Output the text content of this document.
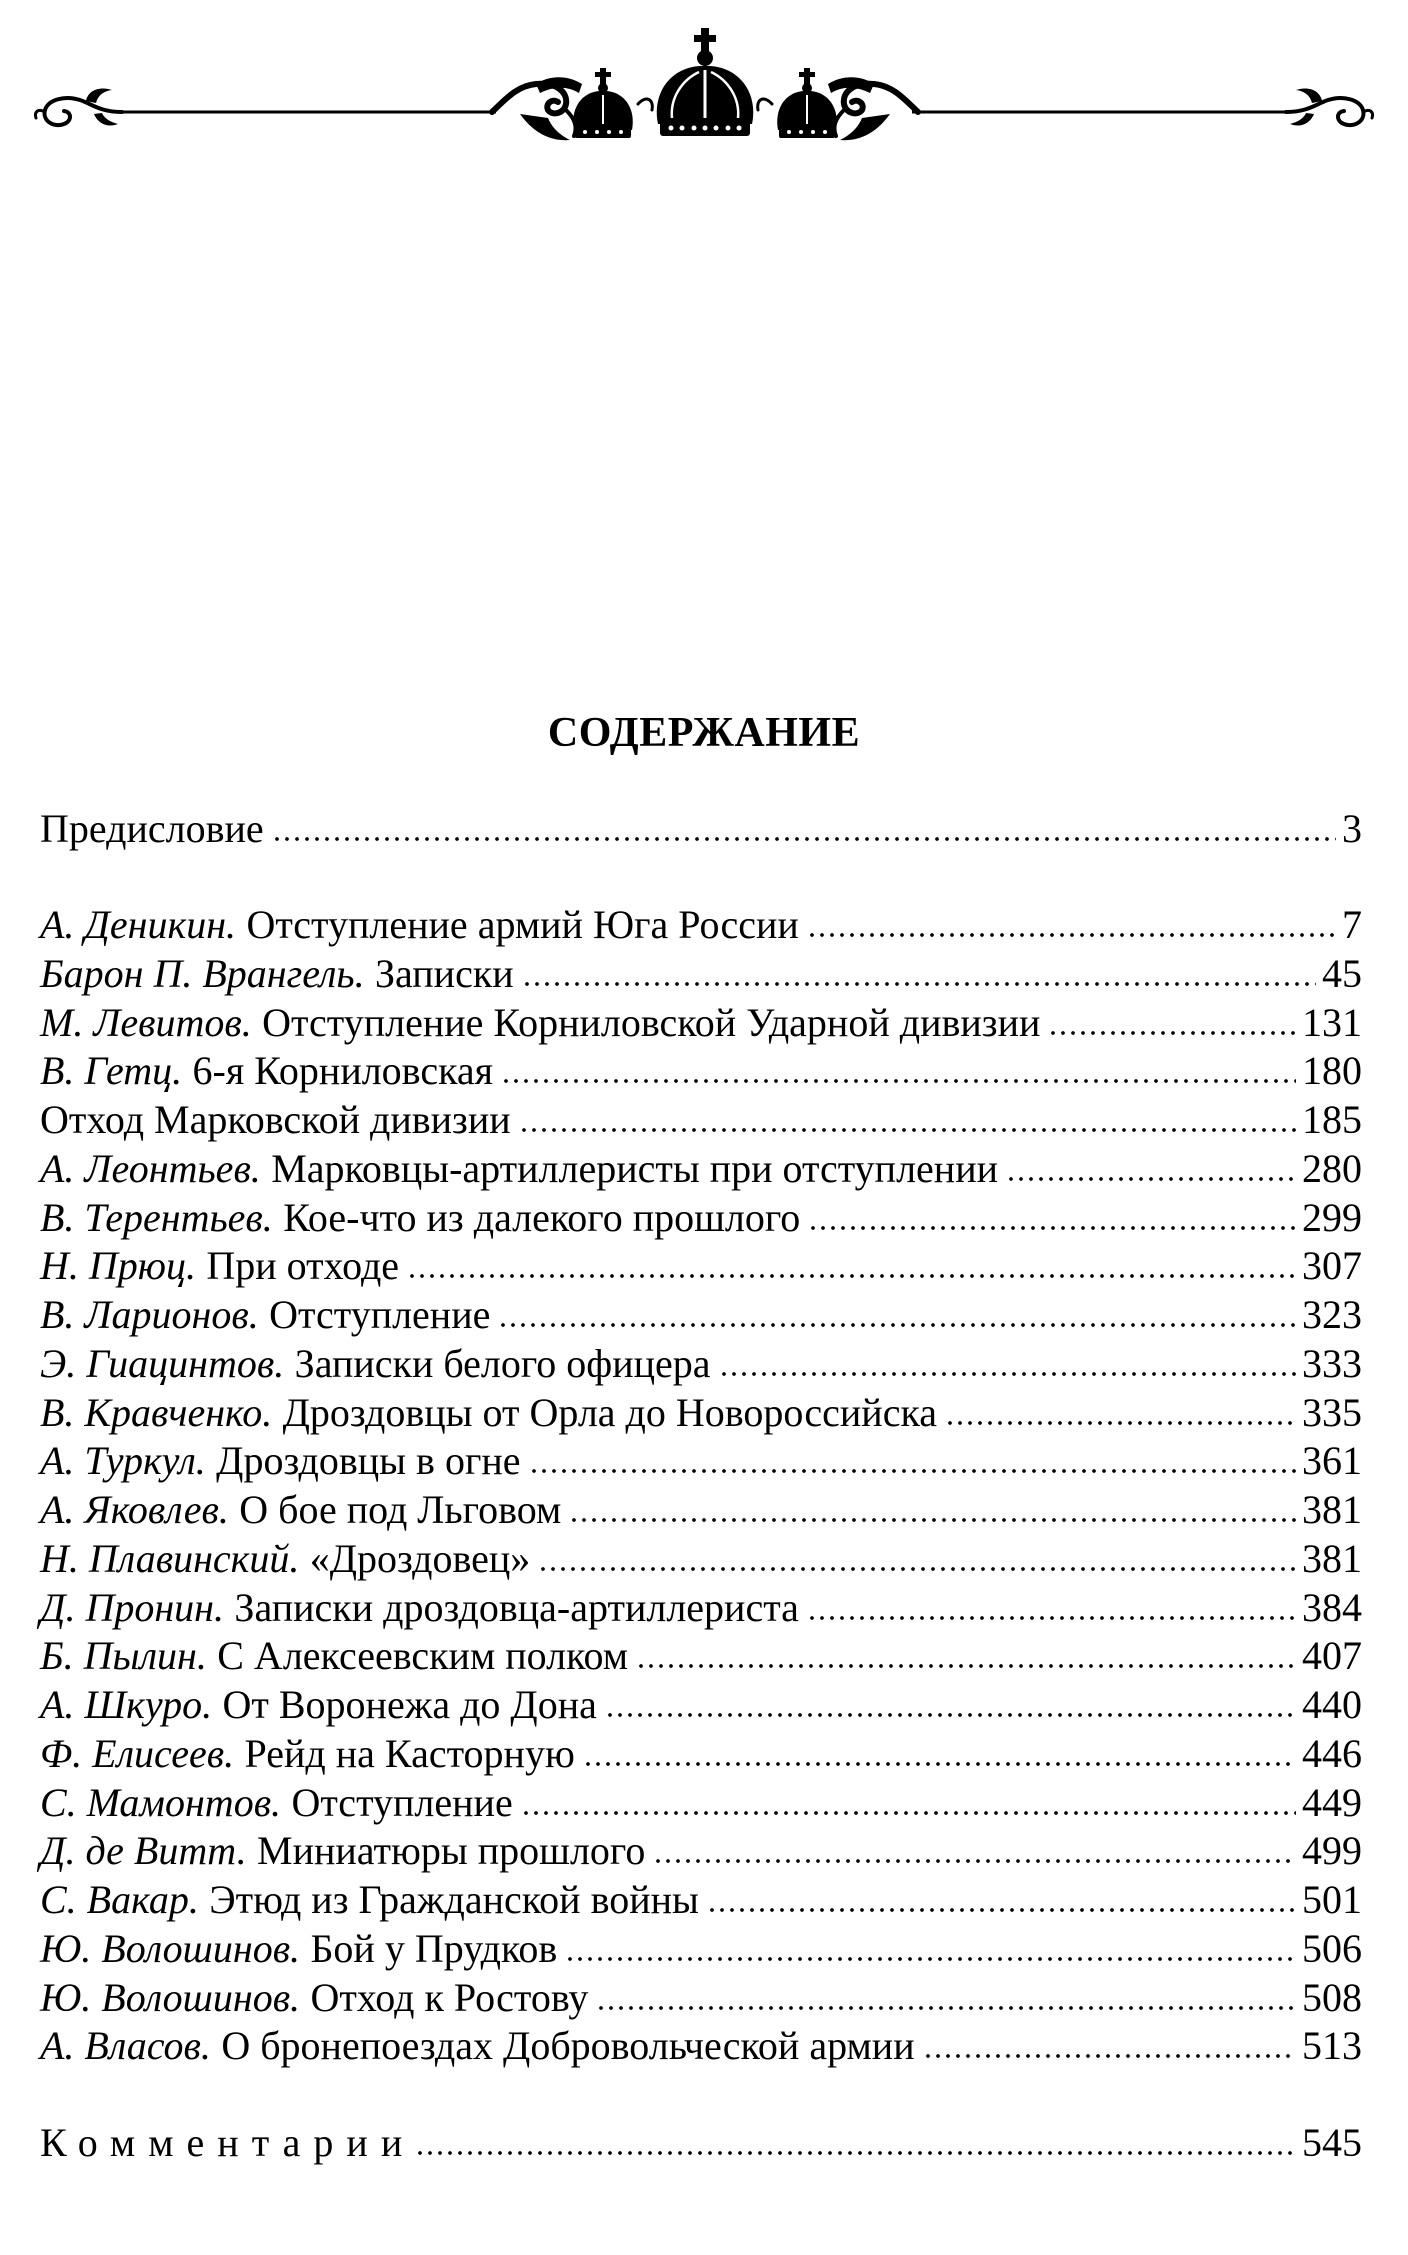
СОДЕРЖАНИЕ
Предисловие	3
А. Деникин. Отступление армий Юга России	7
Барон П. Врангель. Записки	45
М. Левитов. Отступление Корниловской Ударной дивизии	131
В. Гетц. 6-я Корниловская	180
Отход Марковской дивизии	185
А. Леонтьев. Марковцы-артиллеристы при отступлении	280
В. Терентьев. Кое-что из далекого прошлого	299
Н. Прюц. При отходе	307
В. Ларионов. Отступление	323
Э. Гиацинтов. Записки белого офицера	333
В. Кравченко. Дроздовцы от Орла до Новороссийска	335
А. Туркул. Дроздовцы в огне	361
А. Яковлев. О бое под Льговом	381
Н. Плавинский. «Дроздовец»	381
Д. Пронин. Записки дроздовца-артиллериста	384
Б. Пылин. С Алексеевским полком	407
А. Шкуро. От Воронежа до Дона	440
Ф. Елисеев. Рейд на Касторную	446
С. Мамонтов. Отступление	449
Д. де Витт. Миниатюры прошлого	499
С. Вакар. Этюд из Гражданской войны	501
Ю. Волошинов. Бой у Прудков	506
Ю. Волошинов. Отход к Ростову	508
А. Власов. О бронепоездах Добровольческой армии	513
Комментарии	545
